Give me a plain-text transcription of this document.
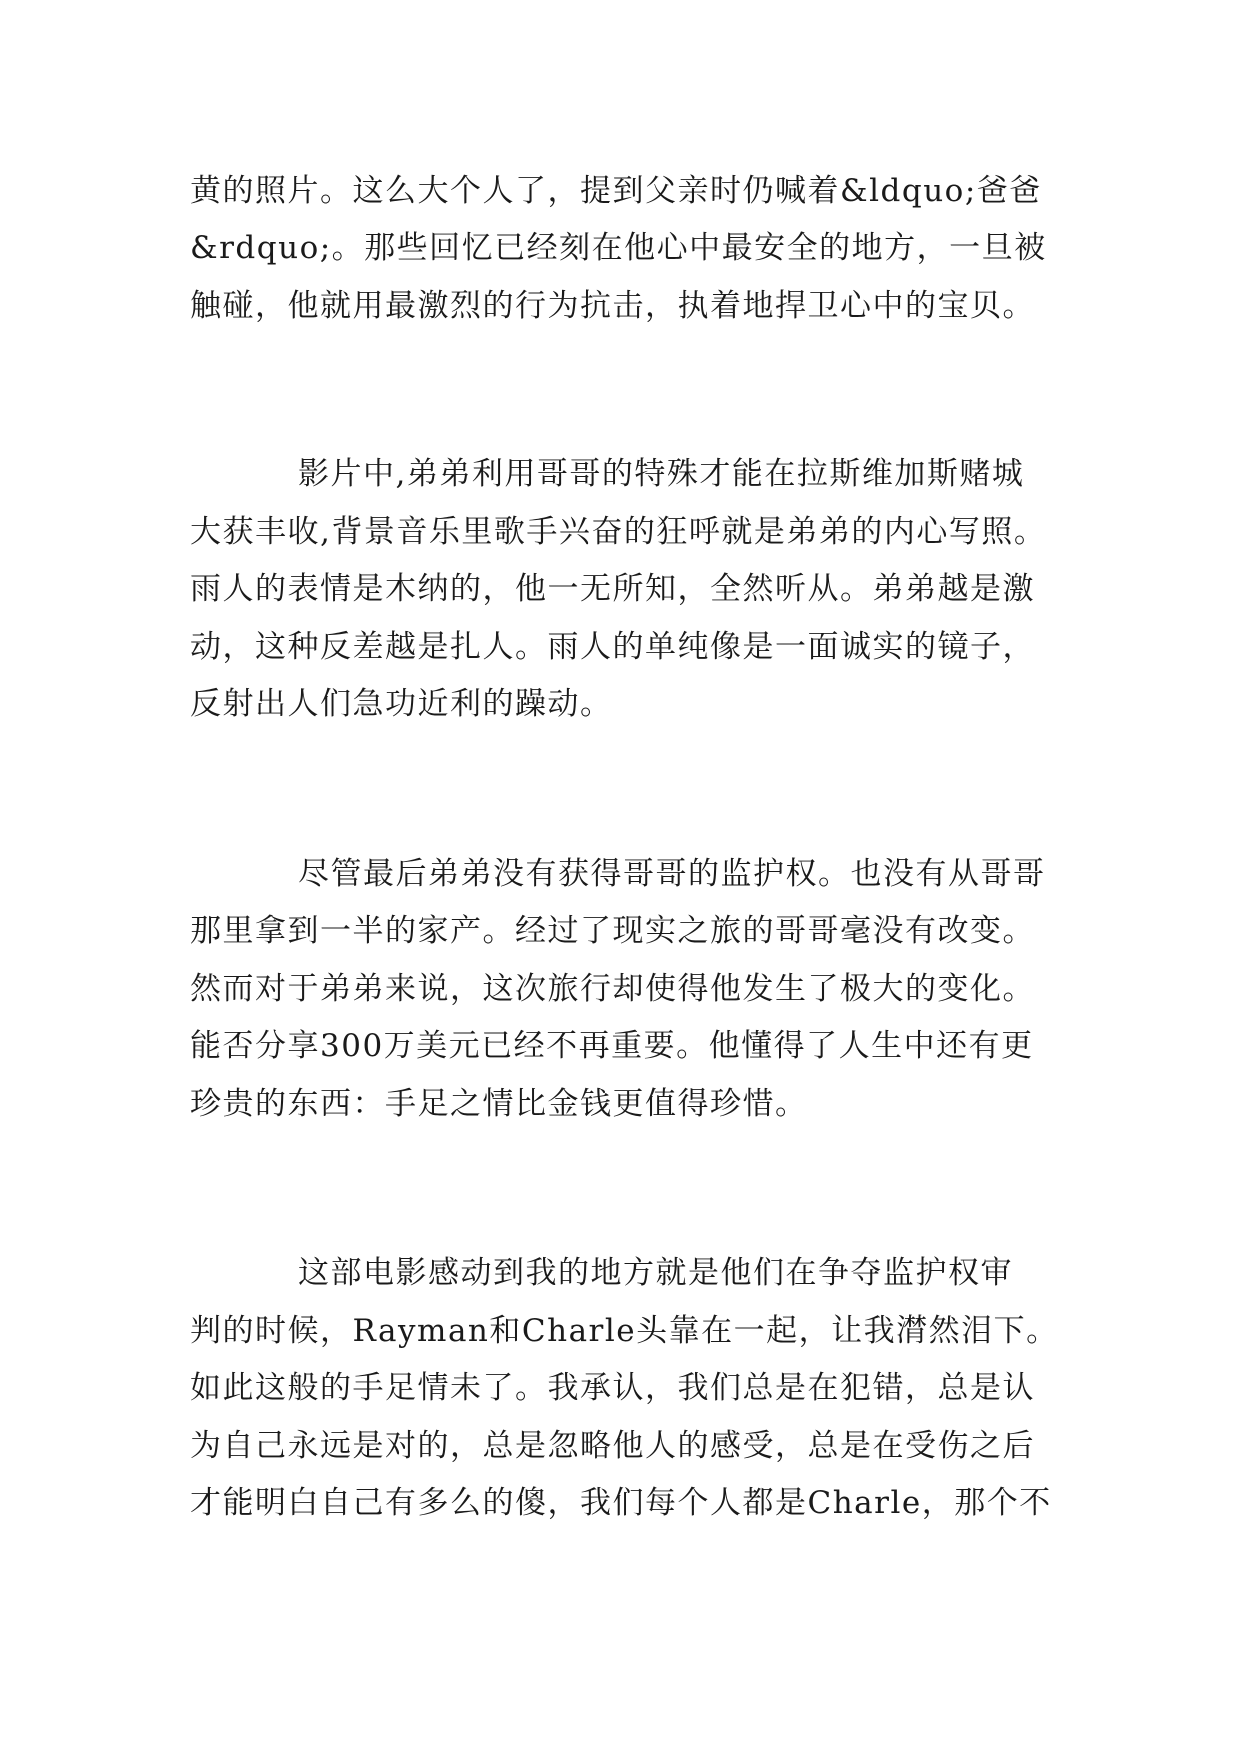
黄的照片。这么大个人了，提到父亲时仍喊着&ldquo;爸爸
&rdquo;。那些回忆已经刻在他心中最安全的地方，一旦被
触碰，他就用最激烈的行为抗击，执着地捍卫心中的宝贝。
影片中,弟弟利用哥哥的特殊才能在拉斯维加斯赌城
大获丰收,背景音乐里歌手兴奋的狂呼就是弟弟的内心写照。
雨人的表情是木纳的，他一无所知，全然听从。弟弟越是激
动，这种反差越是扎人。雨人的单纯像是一面诚实的镜子，
反射出人们急功近利的躁动。
尽管最后弟弟没有获得哥哥的监护权。也没有从哥哥
那里拿到一半的家产。经过了现实之旅的哥哥毫没有改变。
然而对于弟弟来说，这次旅行却使得他发生了极大的变化。
能否分享300万美元已经不再重要。他懂得了人生中还有更
珍贵的东西：手足之情比金钱更值得珍惜。
这部电影感动到我的地方就是他们在争夺监护权审
判的时候，Rayman和Charle头靠在一起，让我潸然泪下。
如此这般的手足情未了。我承认，我们总是在犯错，总是认
为自己永远是对的，总是忽略他人的感受，总是在受伤之后
才能明白自己有多么的傻，我们每个人都是Charle，那个不
